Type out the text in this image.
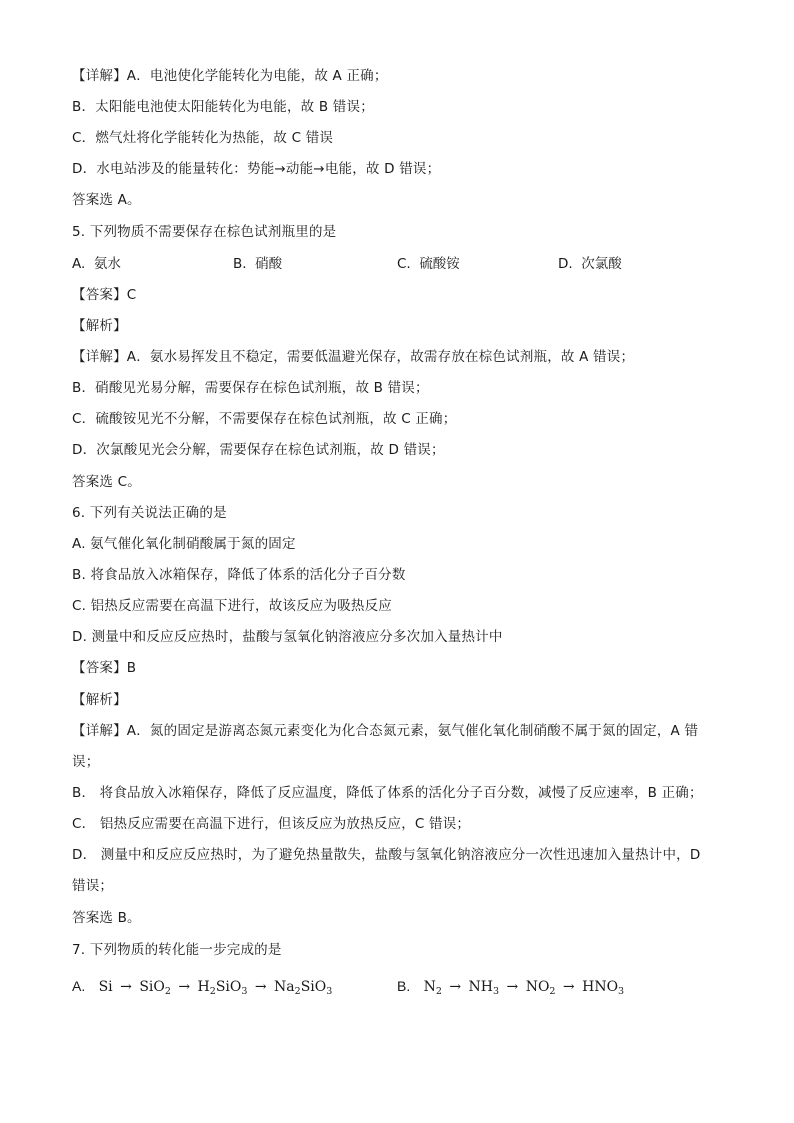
【详解】A．电池使化学能转化为电能，故 A 正确；
B．太阳能电池使太阳能转化为电能，故 B 错误；
C．燃气灶将化学能转化为热能，故 C 错误
D．水电站涉及的能量转化：势能→动能→电能，故 D 错误；
答案选 A。
5. 下列物质不需要保存在棕色试剂瓶里的是
A. 氨水	B. 硝酸	C. 硫酸铵	D. 次氯酸
【答案】C
【解析】
【详解】A．氨水易挥发且不稳定，需要低温避光保存，故需存放在棕色试剂瓶，故 A 错误；
B．硝酸见光易分解，需要保存在棕色试剂瓶，故 B 错误；
C．硫酸铵见光不分解，不需要保存在棕色试剂瓶，故 C 正确；
D．次氯酸见光会分解，需要保存在棕色试剂瓶，故 D 错误；
答案选 C。
6. 下列有关说法正确的是
A. 氨气催化氧化制硝酸属于氮的固定
B. 将食品放入冰箱保存，降低了体系的活化分子百分数
C. 铝热反应需要在高温下进行，故该反应为吸热反应
D. 测量中和反应反应热时，盐酸与氢氧化钠溶液应分多次加入量热计中
【答案】B
【解析】
【详解】A．氮的固定是游离态氮元素变化为化合态氮元素，氨气催化氧化制硝酸不属于氮的固定，A 错
误；
B． 将食品放入冰箱保存，降低了反应温度，降低了体系的活化分子百分数，减慢了反应速率，B 正确；
C． 铝热反应需要在高温下进行，但该反应为放热反应，C 错误；
D． 测量中和反应反应热时，为了避免热量散失，盐酸与氢氧化钠溶液应分一次性迅速加入量热计中，D
错误；
答案选 B。
7. 下列物质的转化能一步完成的是
A. $Si \to SiO_2 \to H_2SiO_3 \to Na_2SiO_3$	B. $N_2 \to NH_3 \to NO_2 \to HNO_3$
